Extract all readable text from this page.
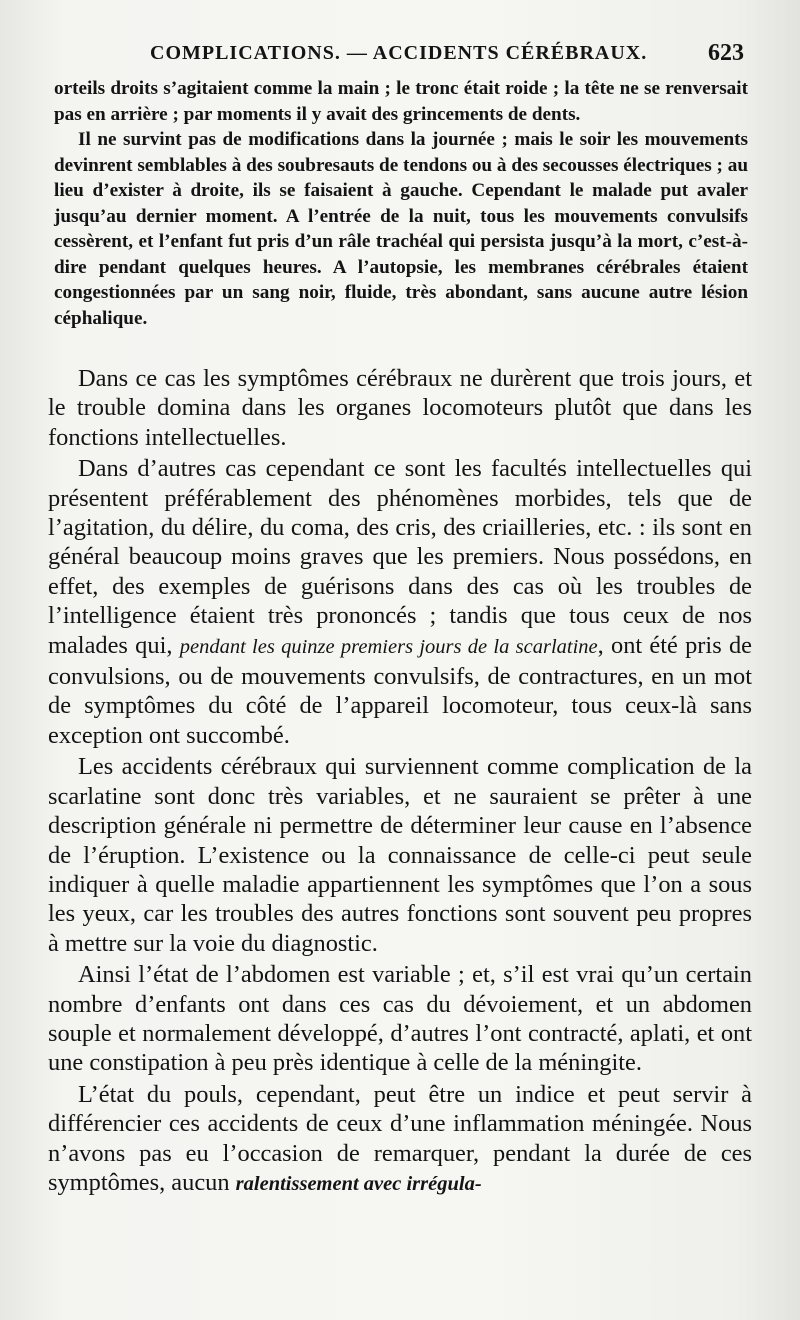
COMPLICATIONS. — ACCIDENTS CÉRÉBRAUX.	623

orteils droits s’agitaient comme la main ; le tronc était roide ; la tête ne se renversait pas en arrière ; par moments il y avait des grincements de dents.

Il ne survint pas de modifications dans la journée ; mais le soir les mouvements devinrent semblables à des soubresauts de tendons ou à des secousses électriques ; au lieu d’exister à droite, ils se faisaient à gauche. Cependant le malade put avaler jusqu’au dernier moment. A l’entrée de la nuit, tous les mouvements convulsifs cessèrent, et l’enfant fut pris d’un râle trachéal qui persista jusqu’à la mort, c’est-à-dire pendant quelques heures. A l’autopsie, les membranes cérébrales étaient congestionnées par un sang noir, fluide, très abondant, sans aucune autre lésion céphalique.

Dans ce cas les symptômes cérébraux ne durèrent que trois jours, et le trouble domina dans les organes locomoteurs plutôt que dans les fonctions intellectuelles.

Dans d’autres cas cependant ce sont les facultés intellectuelles qui présentent préférablement des phénomènes morbides, tels que de l’agitation, du délire, du coma, des cris, des criailleries, etc. : ils sont en général beaucoup moins graves que les premiers. Nous possédons, en effet, des exemples de guérisons dans des cas où les troubles de l’intelligence étaient très prononcés ; tandis que tous ceux de nos malades qui, pendant les quinze premiers jours de la scarlatine, ont été pris de convulsions, ou de mouvements convulsifs, de contractures, en un mot de symptômes du côté de l’appareil locomoteur, tous ceux-là sans exception ont succombé.

Les accidents cérébraux qui surviennent comme complication de la scarlatine sont donc très variables, et ne sauraient se prêter à une description générale ni permettre de déterminer leur cause en l’absence de l’éruption. L’existence ou la connaissance de celle-ci peut seule indiquer à quelle maladie appartiennent les symptômes que l’on a sous les yeux, car les troubles des autres fonctions sont souvent peu propres à mettre sur la voie du diagnostic.

Ainsi l’état de l’abdomen est variable ; et, s’il est vrai qu’un certain nombre d’enfants ont dans ces cas du dévoiement, et un abdomen souple et normalement développé, d’autres l’ont contracté, aplati, et ont une constipation à peu près identique à celle de la méningite.

L’état du pouls, cependant, peut être un indice et peut servir à différencier ces accidents de ceux d’une inflammation méningée. Nous n’avons pas eu l’occasion de remarquer, pendant la durée de ces symptômes, aucun ralentissement avec irrégula-
